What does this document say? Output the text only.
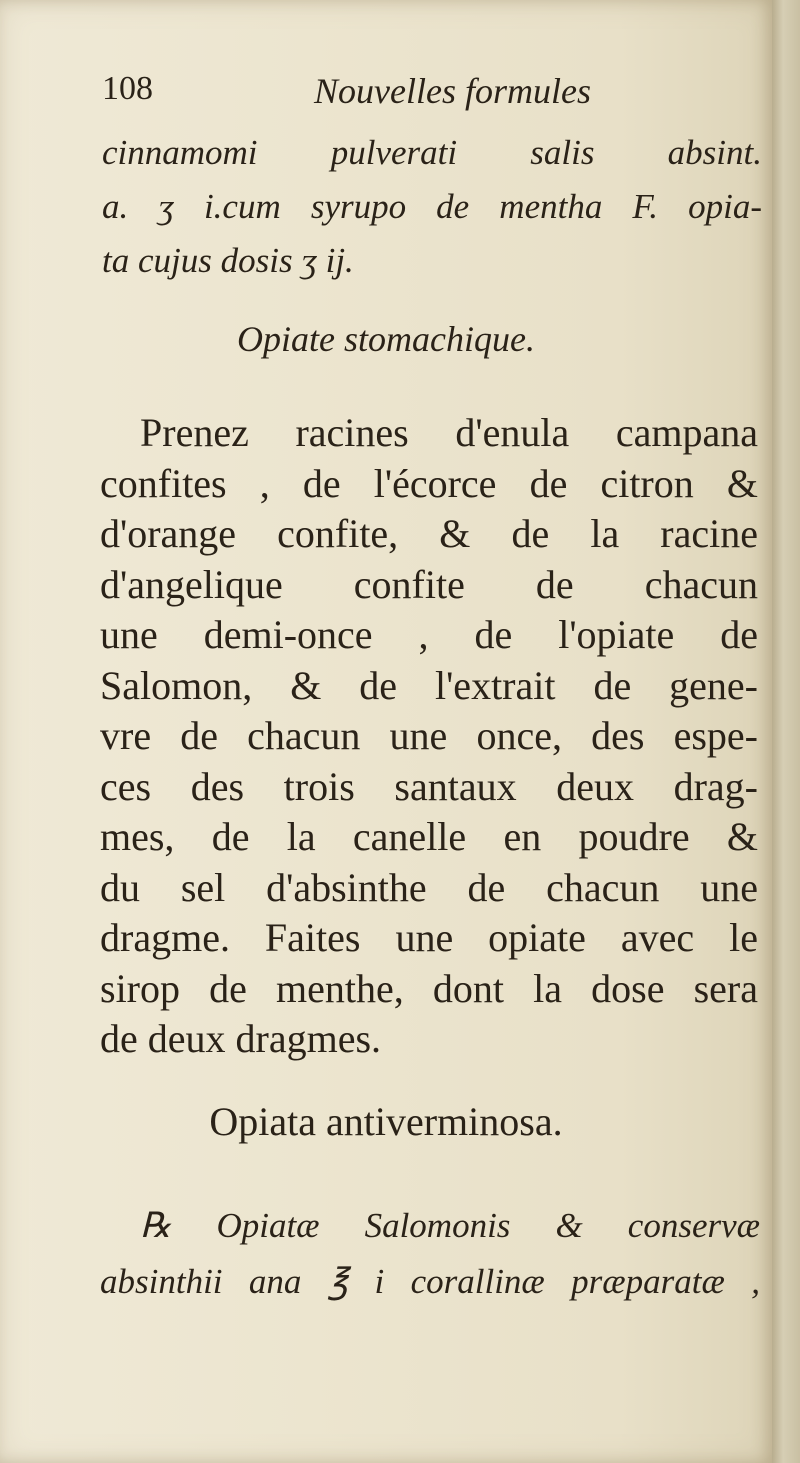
108	Nouvelles formules
cinnamomi pulverati salis absint.
a. ʒ i.cum syrupo de mentha F. opia-
ta cujus dosis ʒ ij.
Opiate stomachique.
Prenez racines d'enula campana
confites , de l'écorce de citron &
d'orange confite, & de la racine
d'angelique confite de chacun
une demi-once , de l'opiate de
Salomon, & de l'extrait de gene-
vre de chacun une once, des espe-
ces des trois santaux deux drag-
mes, de la canelle en poudre &
du sel d'absinthe de chacun une
dragme. Faites une opiate avec le
sirop de menthe, dont la dose sera
de deux dragmes.
Opiata antiverminosa.
℞ Opiatæ Salomonis & conservæ
absinthii ana ℥ i corallinæ præparatæ ,
